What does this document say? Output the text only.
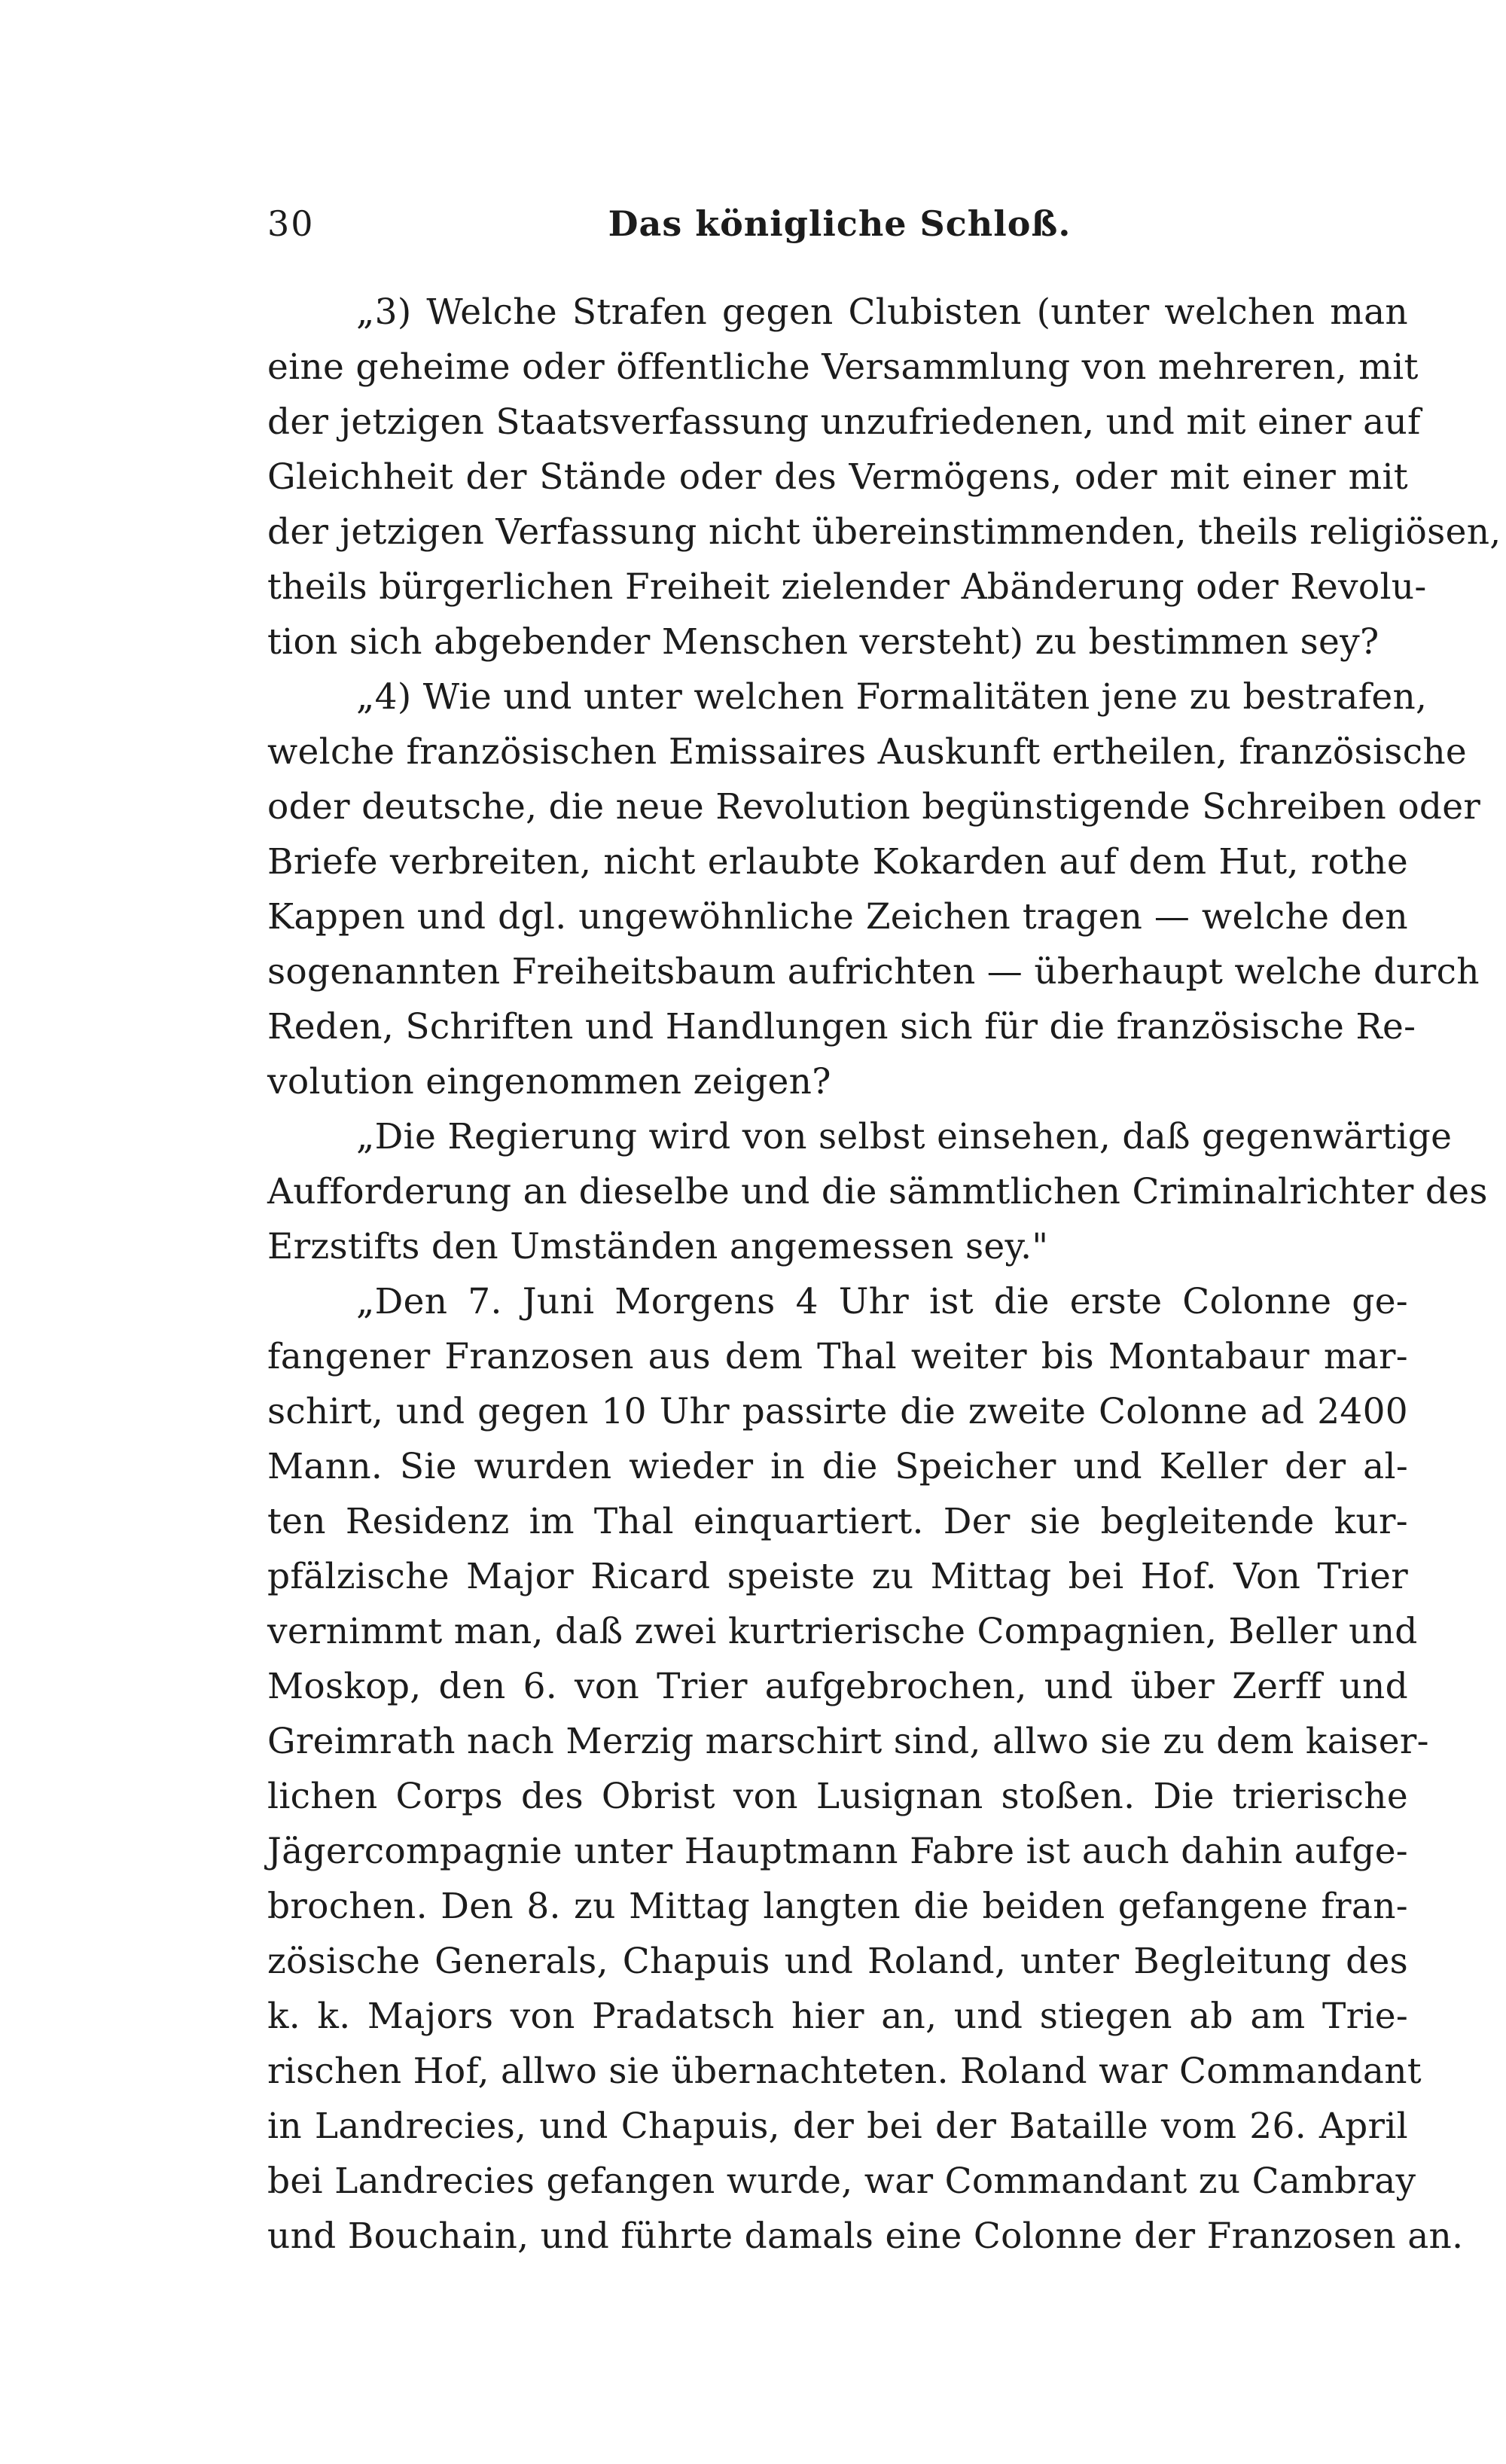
30	Das königliche Schloß.
„3) Welche Strafen gegen Clubisten (unter welchen man
eine geheime oder öffentliche Versammlung von mehreren, mit
der jetzigen Staatsverfassung unzufriedenen, und mit einer auf
Gleichheit der Stände oder des Vermögens, oder mit einer mit
der jetzigen Verfassung nicht übereinstimmenden, theils religiösen,
theils bürgerlichen Freiheit zielender Abänderung oder Revolu-
tion sich abgebender Menschen versteht) zu bestimmen sey?
„4) Wie und unter welchen Formalitäten jene zu bestrafen,
welche französischen Emissaires Auskunft ertheilen, französische
oder deutsche, die neue Revolution begünstigende Schreiben oder
Briefe verbreiten, nicht erlaubte Kokarden auf dem Hut, rothe
Kappen und dgl. ungewöhnliche Zeichen tragen — welche den
sogenannten Freiheitsbaum aufrichten — überhaupt welche durch
Reden, Schriften und Handlungen sich für die französische Re-
volution eingenommen zeigen?
„Die Regierung wird von selbst einsehen, daß gegenwärtige
Aufforderung an dieselbe und die sämmtlichen Criminalrichter des
Erzstifts den Umständen angemessen sey."
„Den 7. Juni Morgens 4 Uhr ist die erste Colonne ge-
fangener Franzosen aus dem Thal weiter bis Montabaur mar-
schirt, und gegen 10 Uhr passirte die zweite Colonne ad 2400
Mann. Sie wurden wieder in die Speicher und Keller der al-
ten Residenz im Thal einquartiert. Der sie begleitende kur-
pfälzische Major Ricard speiste zu Mittag bei Hof. Von Trier
vernimmt man, daß zwei kurtrierische Compagnien, Beller und
Moskop, den 6. von Trier aufgebrochen, und über Zerff und
Greimrath nach Merzig marschirt sind, allwo sie zu dem kaiser-
lichen Corps des Obrist von Lusignan stoßen. Die trierische
Jägercompagnie unter Hauptmann Fabre ist auch dahin aufge-
brochen. Den 8. zu Mittag langten die beiden gefangene fran-
zösische Generals, Chapuis und Roland, unter Begleitung des
k. k. Majors von Pradatsch hier an, und stiegen ab am Trie-
rischen Hof, allwo sie übernachteten. Roland war Commandant
in Landrecies, und Chapuis, der bei der Bataille vom 26. April
bei Landrecies gefangen wurde, war Commandant zu Cambray
und Bouchain, und führte damals eine Colonne der Franzosen an.
